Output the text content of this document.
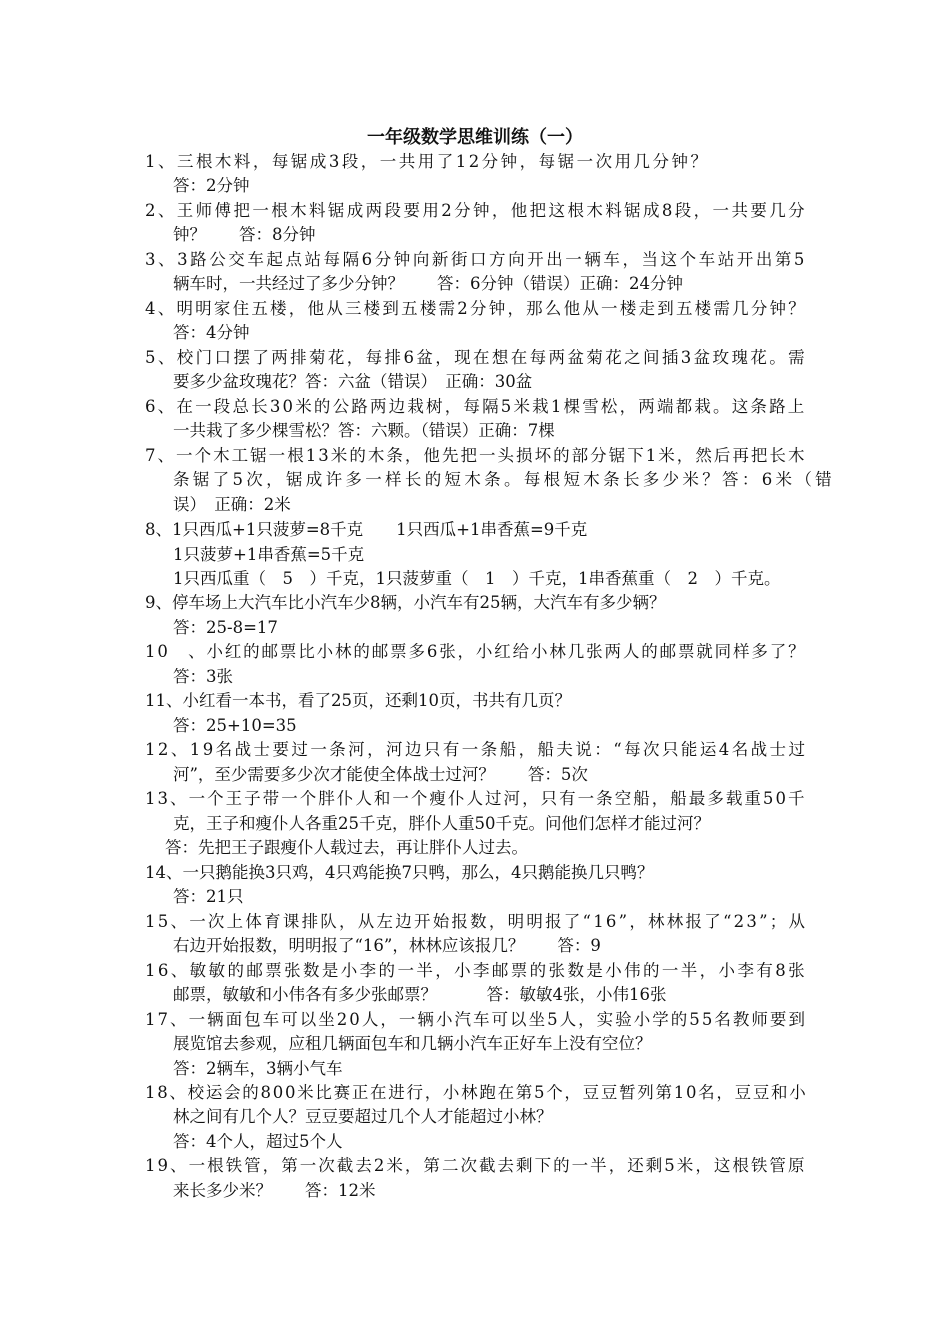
一年级数学思维训练（一）
1、三根木料，每锯成3段，一共用了12分钟，每锯一次用几分钟？
答：2分钟
2、王师傅把一根木料锯成两段要用2分钟，他把这根木料锯成8段，一共要几分
钟？　　答：8分钟
3、3路公交车起点站每隔6分钟向新街口方向开出一辆车，当这个车站开出第5
辆车时，一共经过了多少分钟？　　答：6分钟（错误）正确：24分钟
4、明明家住五楼，他从三楼到五楼需2分钟，那么他从一楼走到五楼需几分钟？
答：4分钟
5、校门口摆了两排菊花，每排6盆，现在想在每两盆菊花之间插3盆玫瑰花。需
要多少盆玫瑰花？答：六盆（错误）　正确：30盆
6、在一段总长30米的公路两边栽树，每隔5米栽1棵雪松，两端都栽。这条路上
一共栽了多少棵雪松？答：六颗。（错误）正确：7棵
7、一个木工锯一根13米的木条，他先把一头损坏的部分锯下1米，然后再把长木
条锯了5次，锯成许多一样长的短木条。每根短木条长多少米？答：6米（错
误）　正确：2米
8、1只西瓜+1只菠萝=8千克　　1只西瓜+1串香蕉=9千克
1只菠萝+1串香蕉=5千克
1只西瓜重（　5　）千克，1只菠萝重（　1　）千克，1串香蕉重（　2　）千克。
9、停车场上大汽车比小汽车少8辆，小汽车有25辆，大汽车有多少辆？
答：25-8=17
10　、小红的邮票比小林的邮票多6张，小红给小林几张两人的邮票就同样多了？
答：3张
11、小红看一本书，看了25页，还剩10页，书共有几页？
答：25+10=35
12、19名战士要过一条河，河边只有一条船，船夫说：“每次只能运4名战士过
河”，至少需要多少次才能使全体战士过河？　　答：5次
13、一个王子带一个胖仆人和一个瘦仆人过河，只有一条空船，船最多载重50千
克，王子和瘦仆人各重25千克，胖仆人重50千克。问他们怎样才能过河？
答：先把王子跟瘦仆人载过去，再让胖仆人过去。
14、一只鹅能换3只鸡，4只鸡能换7只鸭，那么，4只鹅能换几只鸭？
答：21只
15、一次上体育课排队，从左边开始报数，明明报了“16”，林林报了“23”；从
右边开始报数，明明报了“16”，林林应该报几？　　答：9
16、敏敏的邮票张数是小李的一半，小李邮票的张数是小伟的一半，小李有8张
邮票，敏敏和小伟各有多少张邮票？　　　答：敏敏4张，小伟16张
17、一辆面包车可以坐20人，一辆小汽车可以坐5人，实验小学的55名教师要到
展览馆去参观，应租几辆面包车和几辆小汽车正好车上没有空位？
答：2辆车，3辆小气车
18、校运会的800米比赛正在进行，小林跑在第5个，豆豆暂列第10名，豆豆和小
林之间有几个人？豆豆要超过几个人才能超过小林？
答：4个人，超过5个人
19、一根铁管，第一次截去2米，第二次截去剩下的一半，还剩5米，这根铁管原
来长多少米？　　答：12米
